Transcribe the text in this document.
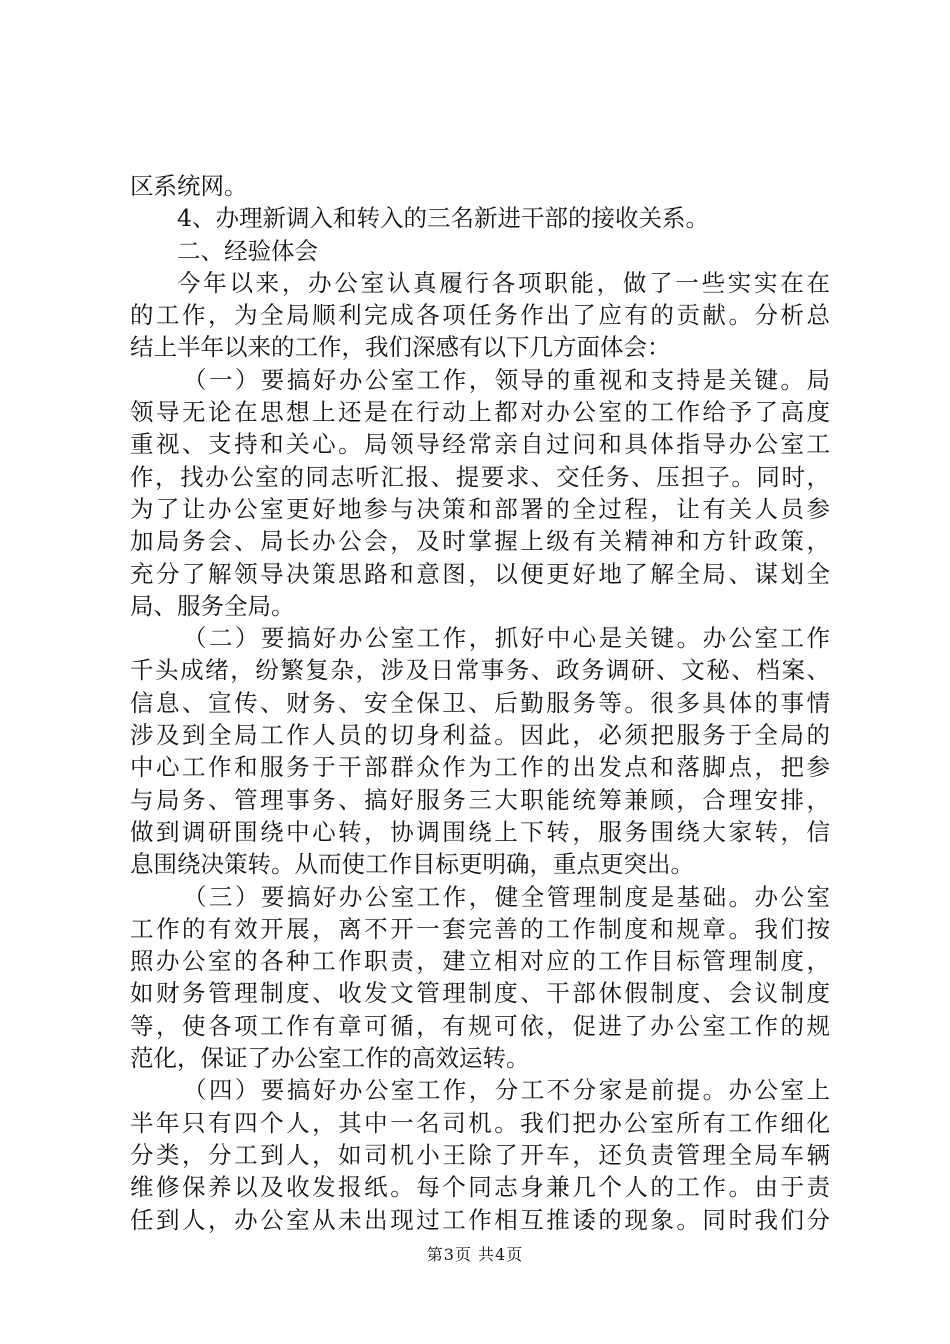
区系统网。
4、办理新调入和转入的三名新进干部的接收关系。
二、经验体会
今年以来，办公室认真履行各项职能，做了一些实实在在
的工作，为全局顺利完成各项任务作出了应有的贡献。分析总
结上半年以来的工作，我们深感有以下几方面体会：
（一）要搞好办公室工作，领导的重视和支持是关键。局
领导无论在思想上还是在行动上都对办公室的工作给予了高度
重视、支持和关心。局领导经常亲自过问和具体指导办公室工
作，找办公室的同志听汇报、提要求、交任务、压担子。同时，
为了让办公室更好地参与决策和部署的全过程，让有关人员参
加局务会、局长办公会，及时掌握上级有关精神和方针政策，
充分了解领导决策思路和意图，以便更好地了解全局、谋划全
局、服务全局。
（二）要搞好办公室工作，抓好中心是关键。办公室工作
千头成绪，纷繁复杂，涉及日常事务、政务调研、文秘、档案、
信息、宣传、财务、安全保卫、后勤服务等。很多具体的事情
涉及到全局工作人员的切身利益。因此，必须把服务于全局的
中心工作和服务于干部群众作为工作的出发点和落脚点，把参
与局务、管理事务、搞好服务三大职能统筹兼顾，合理安排，
做到调研围绕中心转，协调围绕上下转，服务围绕大家转，信
息围绕决策转。从而使工作目标更明确，重点更突出。
（三）要搞好办公室工作，健全管理制度是基础。办公室
工作的有效开展，离不开一套完善的工作制度和规章。我们按
照办公室的各种工作职责，建立相对应的工作目标管理制度，
如财务管理制度、收发文管理制度、干部休假制度、会议制度
等，使各项工作有章可循，有规可依，促进了办公室工作的规
范化，保证了办公室工作的高效运转。
（四）要搞好办公室工作，分工不分家是前提。办公室上
半年只有四个人，其中一名司机。我们把办公室所有工作细化
分类，分工到人，如司机小王除了开车，还负责管理全局车辆
维修保养以及收发报纸。每个同志身兼几个人的工作。由于责
任到人，办公室从未出现过工作相互推诿的现象。同时我们分
第3页 共4页
